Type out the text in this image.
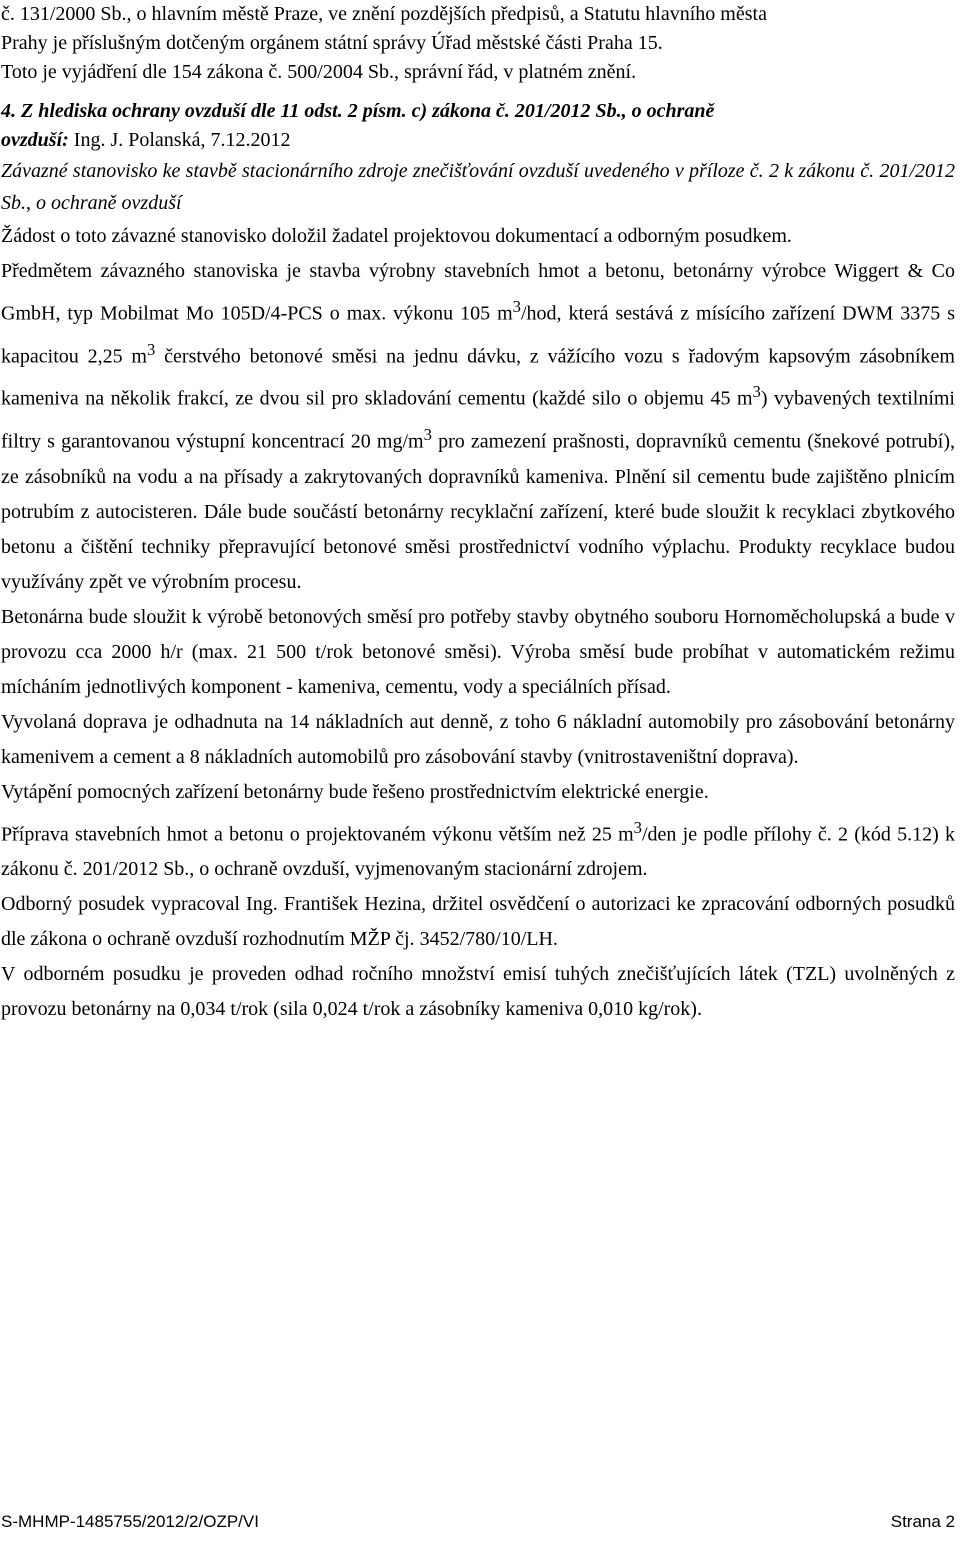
č. 131/2000 Sb., o hlavním městě Praze, ve znění pozdějších předpisů, a Statutu hlavního města

Prahy je příslušným dotčeným orgánem státní správy Úřad městské části Praha 15.

Toto je vyjádření dle 154 zákona č. 500/2004 Sb., správní řád, v platném znění.

4. Z hlediska ochrany ovzduší dle 11 odst. 2 písm. c) zákona č. 201/2012 Sb., o ochraně
ovzduší: Ing. J. Polanská, 7.12.2012

Závazné stanovisko ke stavbě stacionárního zdroje znečišťování ovzduší uvedeného v příloze č. 2 k zákonu č. 201/2012 Sb., o ochraně ovzduší

Žádost o toto závazné stanovisko doložil žadatel projektovou dokumentací a odborným posudkem.

Předmětem závazného stanoviska je stavba výrobny stavebních hmot a betonu, betonárny výrobce Wiggert & Co GmbH, typ Mobilmat Mo 105D/4-PCS o max. výkonu 105 $m^3$/hod, která sestává z mísícího zařízení DWM 3375 s kapacitou 2,25 $m^3$ čerstvého betonové směsi na jednu dávku, z vážícího vozu s řadovým kapsovým zásobníkem kameniva na několik frakcí, ze dvou sil pro skladování cementu (každé silo o objemu 45 $m^3$) vybavených textilními filtry s garantovanou výstupní koncentrací 20 $mg/m^3$ pro zamezení prašnosti, dopravníků cementu (šnekové potrubí), ze zásobníků na vodu a na přísady a zakrytovaných dopravníků kameniva. Plnění sil cementu bude zajištěno plnicím potrubím z autocisteren. Dále bude součástí betonárny recyklační zařízení, které bude sloužit k recyklaci zbytkového betonu a čištění techniky přepravující betonové směsi prostřednictví vodního výplachu. Produkty recyklace budou využívány zpět ve výrobním procesu.

Betonárna bude sloužit k výrobě betonových směsí pro potřeby stavby obytného souboru Hornoměcholupská a bude v provozu cca 2000 h/r (max. 21 500 t/rok betonové směsi). Výroba směsí bude probíhat v automatickém režimu mícháním jednotlivých komponent - kameniva, cementu, vody a speciálních přísad.

Vyvolaná doprava je odhadnuta na 14 nákladních aut denně, z toho 6 nákladní automobily pro zásobování betonárny kamenivem a cement a 8 nákladních automobilů pro zásobování stavby (vnitrostaveništní doprava).

Vytápění pomocných zařízení betonárny bude řešeno prostřednictvím elektrické energie.

Příprava stavebních hmot a betonu o projektovaném výkonu větším než 25 $m^3$/den je podle přílohy č. 2 (kód 5.12) k zákonu č. 201/2012 Sb., o ochraně ovzduší, vyjmenovaným stacionární zdrojem.

Odborný posudek vypracoval Ing. František Hezina, držitel osvědčení o autorizaci ke zpracování odborných posudků dle zákona o ochraně ovzduší rozhodnutím MŽP čj. 3452/780/10/LH.

V odborném posudku je proveden odhad ročního množství emisí tuhých znečišťujících látek (TZL) uvolněných z provozu betonárny na 0,034 t/rok (sila 0,024 t/rok a zásobníky kameniva 0,010 kg/rok).

S-MHMP-1485755/2012/2/OZP/VI	Strana 2
